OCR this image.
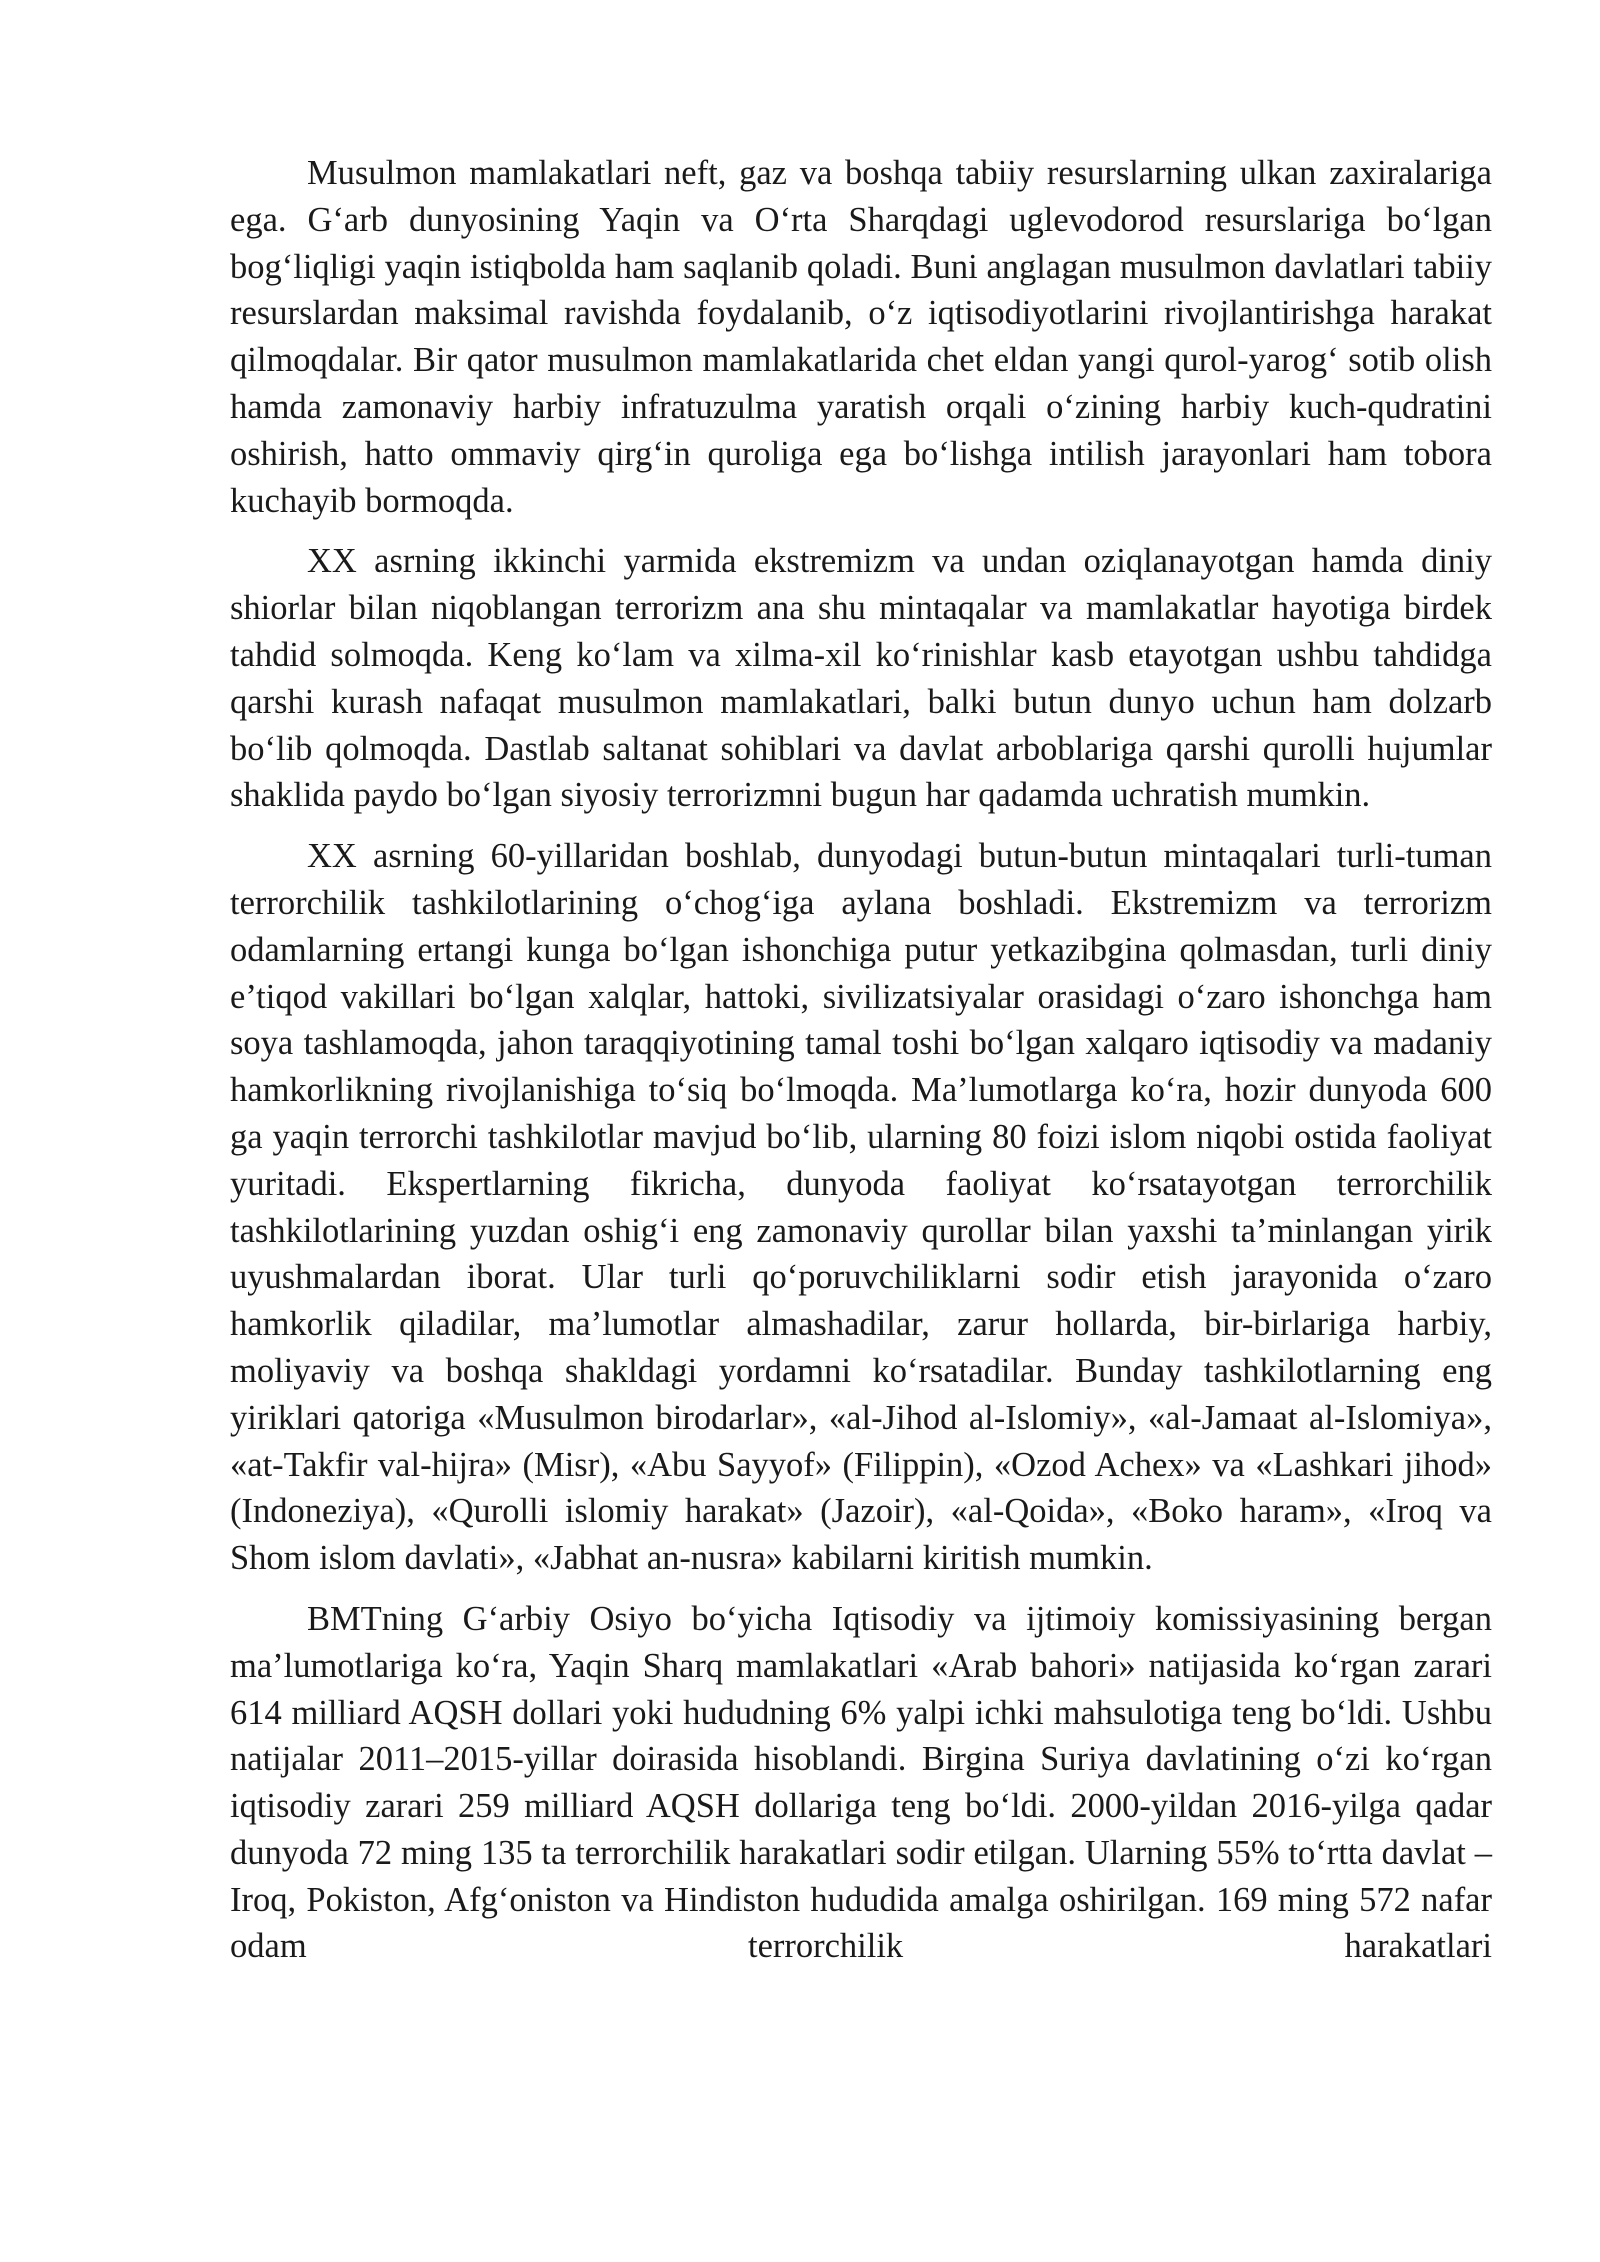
Musulmon mamlakatlari neft, gaz va boshqa tabiiy resurslarning ulkan zaxiralariga ega. G‘arb dunyosining Yaqin va O‘rta Sharqdagi uglevodorod resurslariga bo‘lgan bog‘liqligi yaqin istiqbolda ham saqlanib qoladi. Buni anglagan musulmon davlatlari tabiiy resurslardan maksimal ravishda foydalanib, o‘z iqtisodiyotlarini rivojlantirishga harakat qilmoqdalar. Bir qator musulmon mamlakatlarida chet eldan yangi qurol-yarog‘ sotib olish hamda zamonaviy harbiy infratuzulma yaratish orqali o‘zining harbiy kuch-qudratini oshirish, hatto ommaviy qirg‘in quroliga ega bo‘lishga intilish jarayonlari ham tobora kuchayib bormoqda.

XX asrning ikkinchi yarmida ekstremizm va undan oziqlanayotgan hamda diniy shiorlar bilan niqoblangan terrorizm ana shu mintaqalar va mamlakatlar hayotiga birdek tahdid solmoqda. Keng ko‘lam va xilma-xil ko‘rinishlar kasb etayotgan ushbu tahdidga qarshi kurash nafaqat musulmon mamlakatlari, balki butun dunyo uchun ham dolzarb bo‘lib qolmoqda. Dastlab saltanat sohiblari va davlat arboblariga qarshi qurolli hujumlar shaklida paydo bo‘lgan siyosiy terrorizmni bugun har qadamda uchratish mumkin.

XX asrning 60-yillaridan boshlab, dunyodagi butun-butun mintaqalari turli-tuman terrorchilik tashkilotlarining o‘chog‘iga aylana boshladi. Ekstremizm va terrorizm odamlarning ertangi kunga bo‘lgan ishonchiga putur yetkazibgina qolmasdan, turli diniy e’tiqod vakillari bo‘lgan xalqlar, hattoki, sivilizatsiyalar orasidagi o‘zaro ishonchga ham soya tashlamoqda, jahon taraqqiyotining tamal toshi bo‘lgan xalqaro iqtisodiy va madaniy hamkorlikning rivojlanishiga to‘siq bo‘lmoqda. Ma’lumotlarga ko‘ra, hozir dunyoda 600 ga yaqin terrorchi tashkilotlar mavjud bo‘lib, ularning 80 foizi islom niqobi ostida faoliyat yuritadi. Ekspertlarning fikricha, dunyoda faoliyat ko‘rsatayotgan terrorchilik tashkilotlarining yuzdan oshig‘i eng zamonaviy qurollar bilan yaxshi ta’minlangan yirik uyushmalardan iborat. Ular turli qo‘poruvchiliklarni sodir etish jarayonida o‘zaro hamkorlik qiladilar, ma’lumotlar almashadilar, zarur hollarda, bir-birlariga harbiy, moliyaviy va boshqa shakldagi yordamni ko‘rsatadilar. Bunday tashkilotlarning eng yiriklari qatoriga «Musulmon birodarlar», «al-Jihod al-Islomiy», «al-Jamaat al-Islomiya», «at-Takfir val-hijra» (Misr), «Abu Sayyof» (Filippin), «Ozod Achex» va «Lashkari jihod» (Indoneziya), «Qurolli islomiy harakat» (Jazoir), «al-Qoida», «Boko haram», «Iroq va Shom islom davlati», «Jabhat an-nusra» kabilarni kiritish mumkin.

BMTning G‘arbiy Osiyo bo‘yicha Iqtisodiy va ijtimoiy komissiyasining bergan ma’lumotlariga ko‘ra, Yaqin Sharq mamlakatlari «Arab bahori» natijasida ko‘rgan zarari 614 milliard AQSH dollari yoki hududning 6% yalpi ichki mahsulotiga teng bo‘ldi. Ushbu natijalar 2011–2015-yillar doirasida hisoblandi. Birgina Suriya davlatining o‘zi ko‘rgan iqtisodiy zarari 259 milliard AQSH dollariga teng bo‘ldi. 2000-yildan 2016-yilga qadar dunyoda 72 ming 135 ta terrorchilik harakatlari sodir etilgan. Ularning 55% to‘rtta davlat – Iroq, Pokiston, Afg‘oniston va Hindiston hududida amalga oshirilgan. 169 ming 572 nafar odam terrorchilik harakatlari
